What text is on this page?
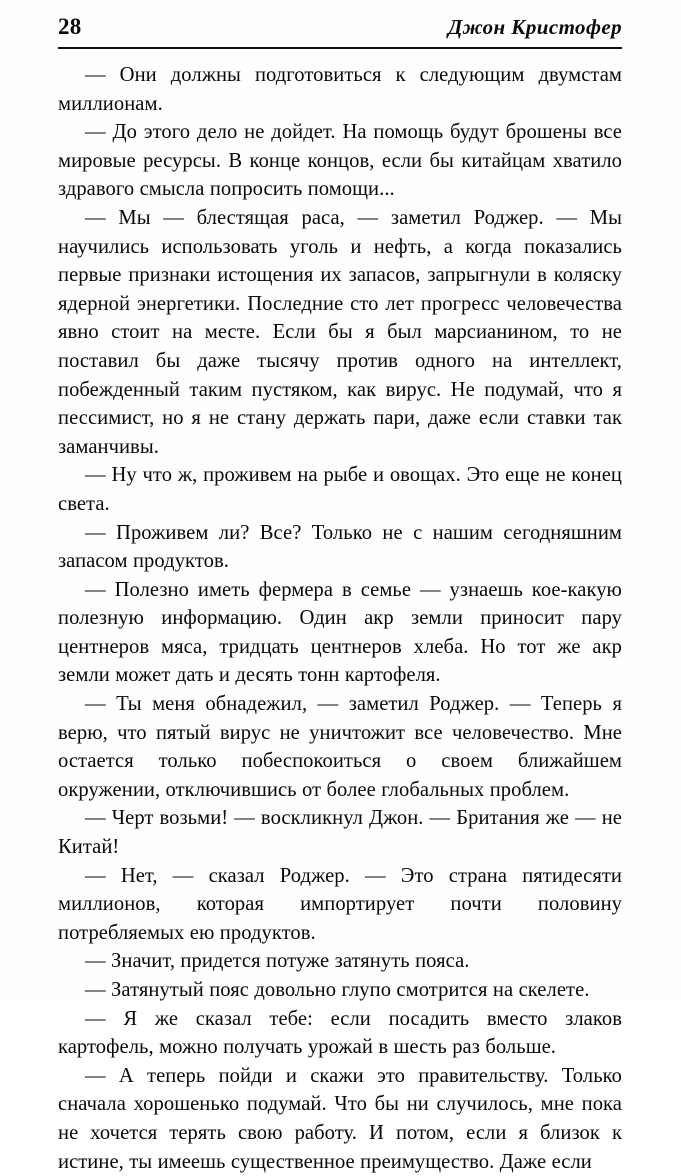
28	Джон Кристофер

— Они должны подготовиться к следующим двумстам миллионам.

— До этого дело не дойдет. На помощь будут брошены все мировые ресурсы. В конце концов, если бы китайцам хватило здравого смысла попросить помощи...

— Мы — блестящая раса, — заметил Роджер. — Мы научились использовать уголь и нефть, а когда показались первые признаки истощения их запасов, запрыгнули в коляску ядерной энергетики. Последние сто лет прогресс человечества явно стоит на месте. Если бы я был марсианином, то не поставил бы даже тысячу против одного на интеллект, побежденный таким пустяком, как вирус. Не подумай, что я пессимист, но я не стану держать пари, даже если ставки так заманчивы.

— Ну что ж, проживем на рыбе и овощах. Это еще не конец света.

— Проживем ли? Все? Только не с нашим сегодняшним запасом продуктов.

— Полезно иметь фермера в семье — узнаешь кое-какую полезную информацию. Один акр земли приносит пару центнеров мяса, тридцать центнеров хлеба. Но тот же акр земли может дать и десять тонн картофеля.

— Ты меня обнадежил, — заметил Роджер. — Теперь я верю, что пятый вирус не уничтожит все человечество. Мне остается только побеспокоиться о своем ближайшем окружении, отключившись от более глобальных проблем.

— Черт возьми! — воскликнул Джон. — Британия же — не Китай!

— Нет, — сказал Роджер. — Это страна пятидесяти миллионов, которая импортирует почти половину потребляемых ею продуктов.

— Значит, придется потуже затянуть пояса.

— Затянутый пояс довольно глупо смотрится на скелете.

— Я же сказал тебе: если посадить вместо злаков картофель, можно получать урожай в шесть раз больше.

— А теперь пойди и скажи это правительству. Только сначала хорошенько подумай. Что бы ни случилось, мне пока не хочется терять свою работу. И потом, если я близок к истине, ты имеешь существенное преимущество. Даже если
